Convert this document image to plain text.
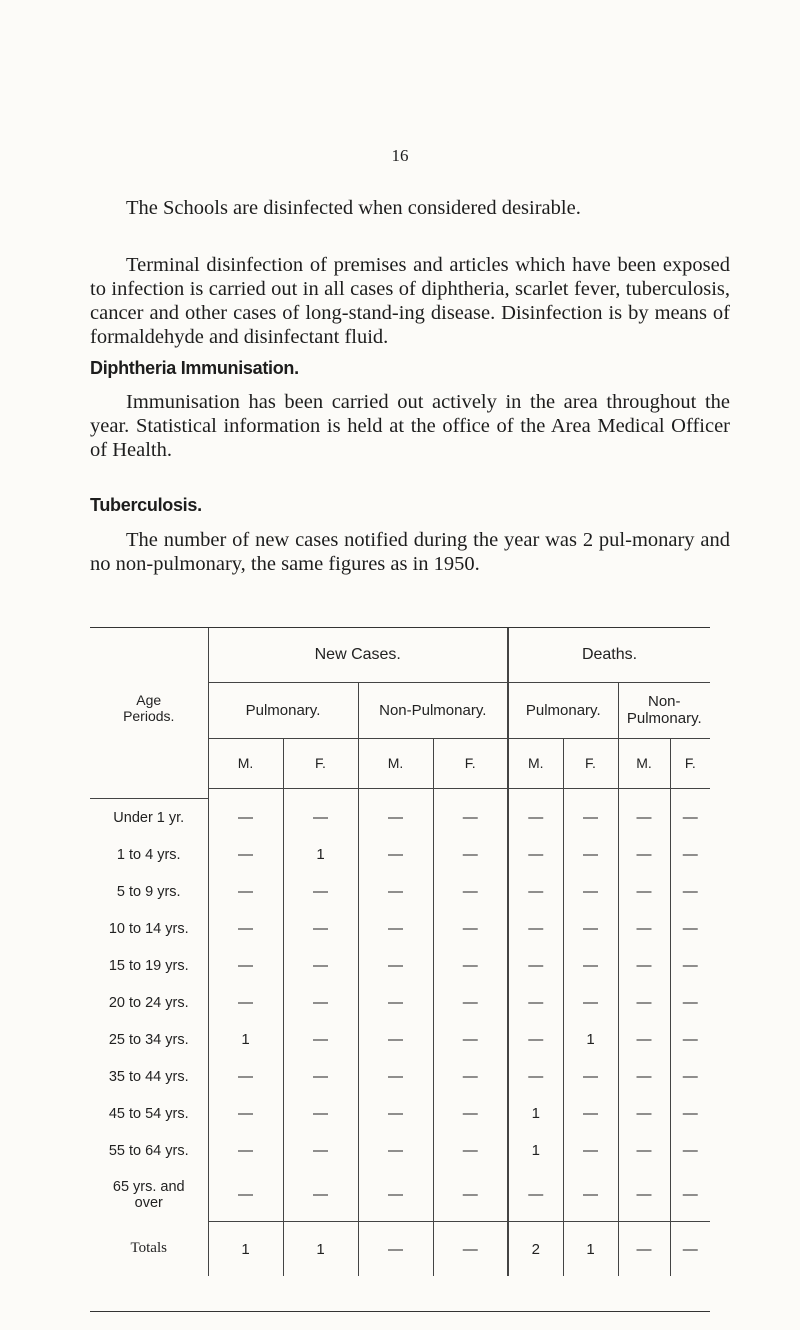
16

The Schools are disinfected when considered desirable.

Terminal disinfection of premises and articles which have been exposed to infection is carried out in all cases of diphtheria, scarlet fever, tuberculosis, cancer and other cases of long-stand-ing disease. Disinfection is by means of formaldehyde and disinfectant fluid.

Diphtheria Immunisation.

Immunisation has been carried out actively in the area throughout the year. Statistical information is held at the office of the Area Medical Officer of Health.

Tuberculosis.

The number of new cases notified during the year was 2 pul-monary and no non-pulmonary, the same figures as in 1950.

Age
Periods.	New Cases.				Deaths.			
	Pulmonary.		Non-Pulmonary.		Pulmonary.		Non-
Pulmonary.	
	M.	F.	M.	F.	M.	F.	M.	F.

Under 1 yr.	—	—	—	—	—	—	—	—
1 to 4 yrs.	—	1	—	—	—	—	—	—
5 to 9 yrs.	—	—	—	—	—	—	—	—
10 to 14 yrs.	—	—	—	—	—	—	—	—
15 to 19 yrs.	—	—	—	—	—	—	—	—
20 to 24 yrs.	—	—	—	—	—	—	—	—
25 to 34 yrs.	1	—	—	—	—	1	—	—
35 to 44 yrs.	—	—	—	—	—	—	—	—
45 to 54 yrs.	—	—	—	—	1	—	—	—
55 to 64 yrs.	—	—	—	—	1	—	—	—
65 yrs. and
over	—	—	—	—	—	—	—	—
Totals	1	1	—	—	2	1	—	—
